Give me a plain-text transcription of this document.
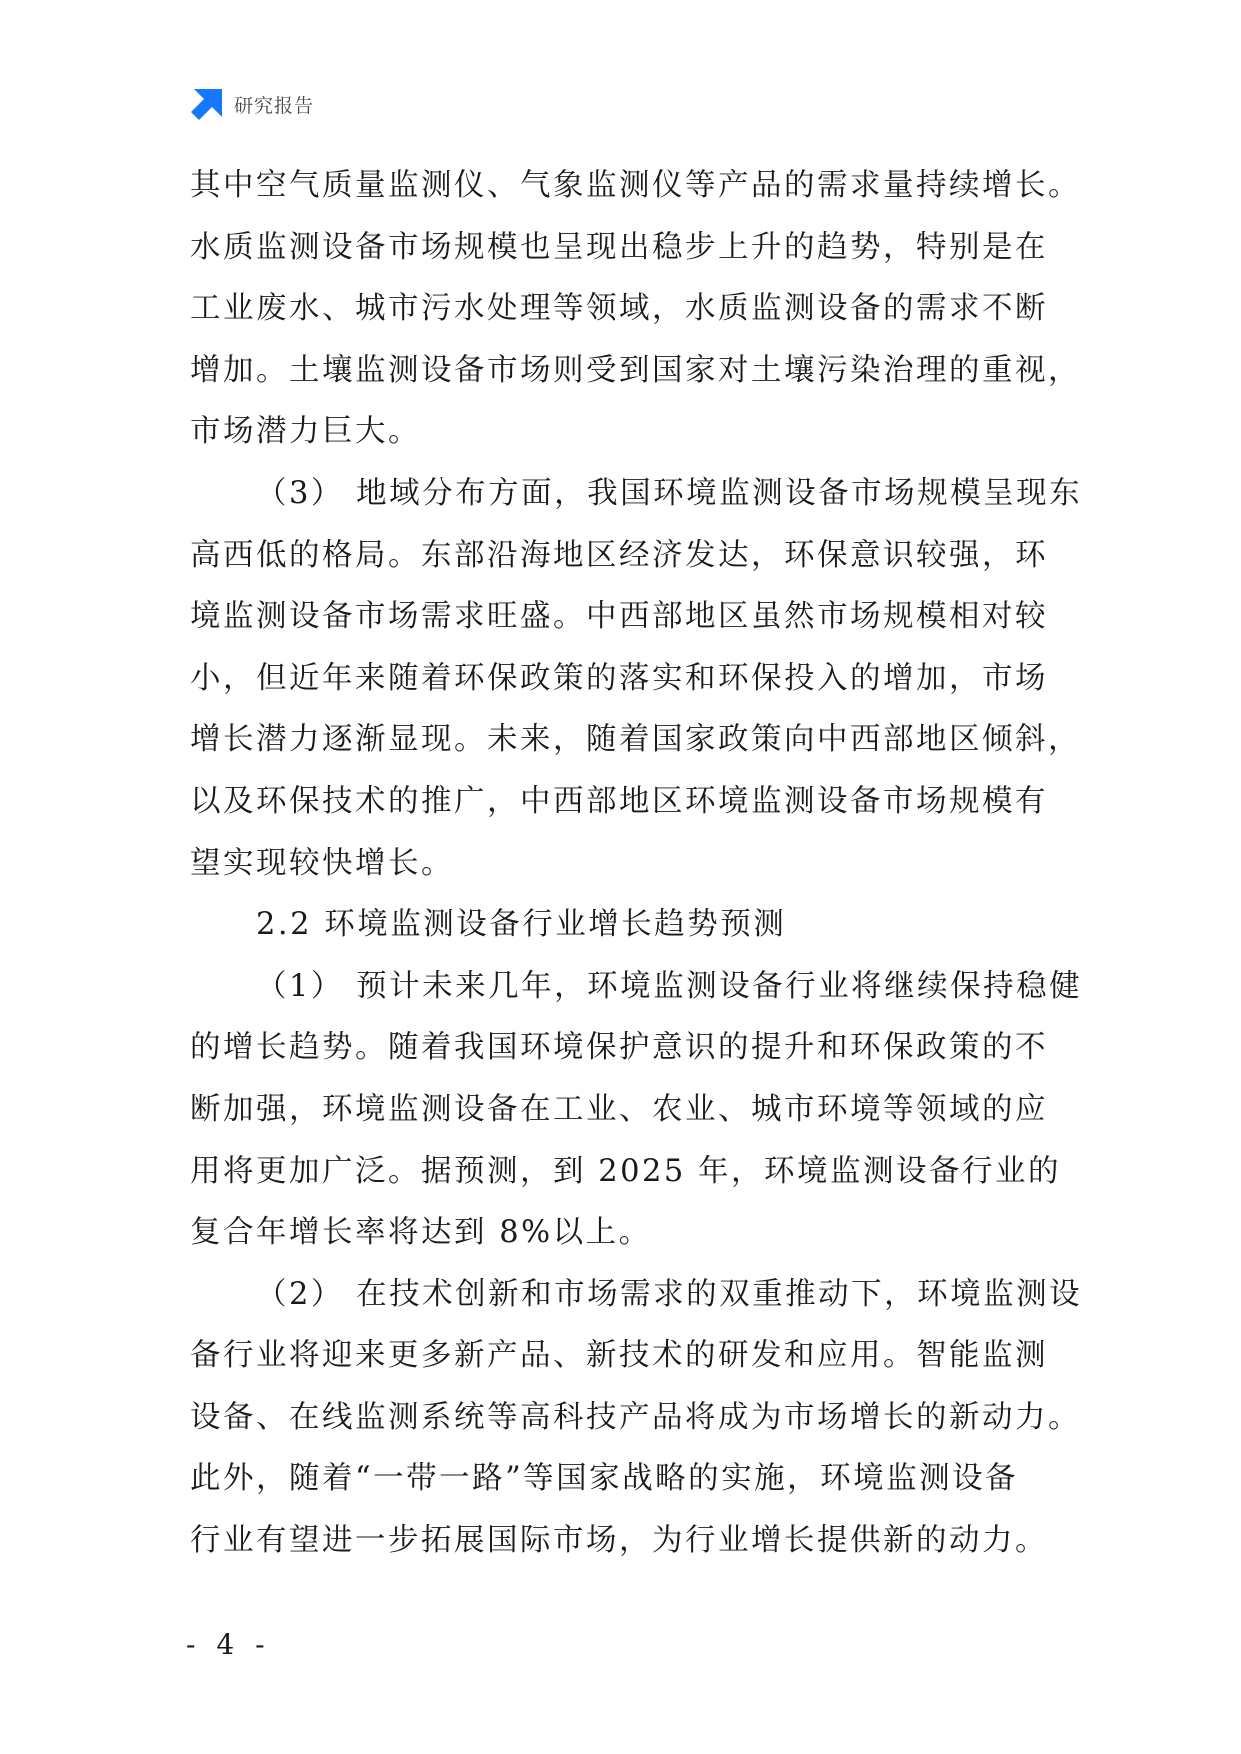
研究报告
其中空气质量监测仪、气象监测仪等产品的需求量持续增长。
水质监测设备市场规模也呈现出稳步上升的趋势，特别是在
工业废水、城市污水处理等领域，水质监测设备的需求不断
增加。土壤监测设备市场则受到国家对土壤污染治理的重视，
市场潜力巨大。
（3） 地域分布方面，我国环境监测设备市场规模呈现东
高西低的格局。东部沿海地区经济发达，环保意识较强，环
境监测设备市场需求旺盛。中西部地区虽然市场规模相对较
小，但近年来随着环保政策的落实和环保投入的增加，市场
增长潜力逐渐显现。未来，随着国家政策向中西部地区倾斜，
以及环保技术的推广，中西部地区环境监测设备市场规模有
望实现较快增长。
2.2 环境监测设备行业增长趋势预测
（1） 预计未来几年，环境监测设备行业将继续保持稳健
的增长趋势。随着我国环境保护意识的提升和环保政策的不
断加强，环境监测设备在工业、农业、城市环境等领域的应
用将更加广泛。据预测，到 2025 年，环境监测设备行业的
复合年增长率将达到 8%以上。
（2） 在技术创新和市场需求的双重推动下，环境监测设
备行业将迎来更多新产品、新技术的研发和应用。智能监测
设备、在线监测系统等高科技产品将成为市场增长的新动力。
此外，随着“一带一路”等国家战略的实施，环境监测设备
行业有望进一步拓展国际市场，为行业增长提供新的动力。
- 4 -
